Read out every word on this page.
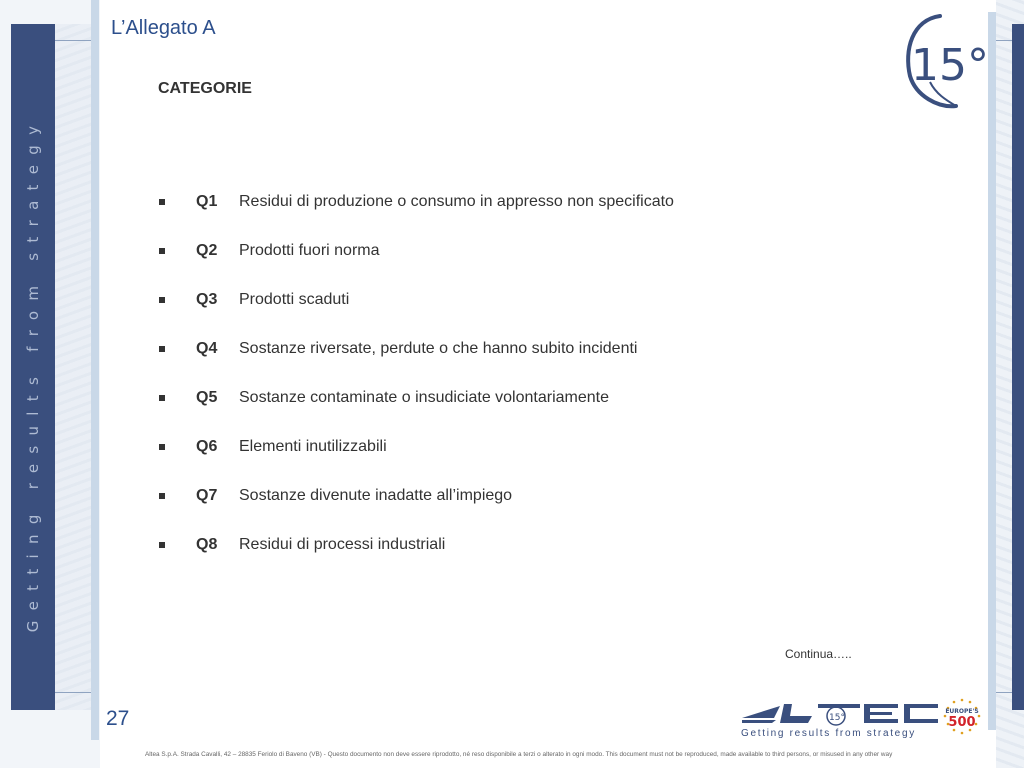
Getting results from strategy
L’Allegato A
15°
CATEGORIE
Q1	Residui di produzione o consumo in appresso non specificato
Q2	Prodotti fuori norma
Q3	Prodotti scaduti
Q4	Sostanze riversate, perdute o che hanno subito incidenti
Q5	Sostanze contaminate o insudiciate volontariamente
Q6	Elementi inutilizzabili
Q7	Sostanze divenute inadatte all’impiego
Q8	Residui di processi industriali
Continua…..
27	15°
Getting results from strategy
EUROPE'S
500
Altea S.p.A. Strada Cavalli, 42 – 28835 Feriolo di Baveno (VB) - Questo documento non deve essere riprodotto, né reso disponibile a terzi o alterato in ogni modo. This document must not be reproduced, made available to third persons, or misused in any other way
